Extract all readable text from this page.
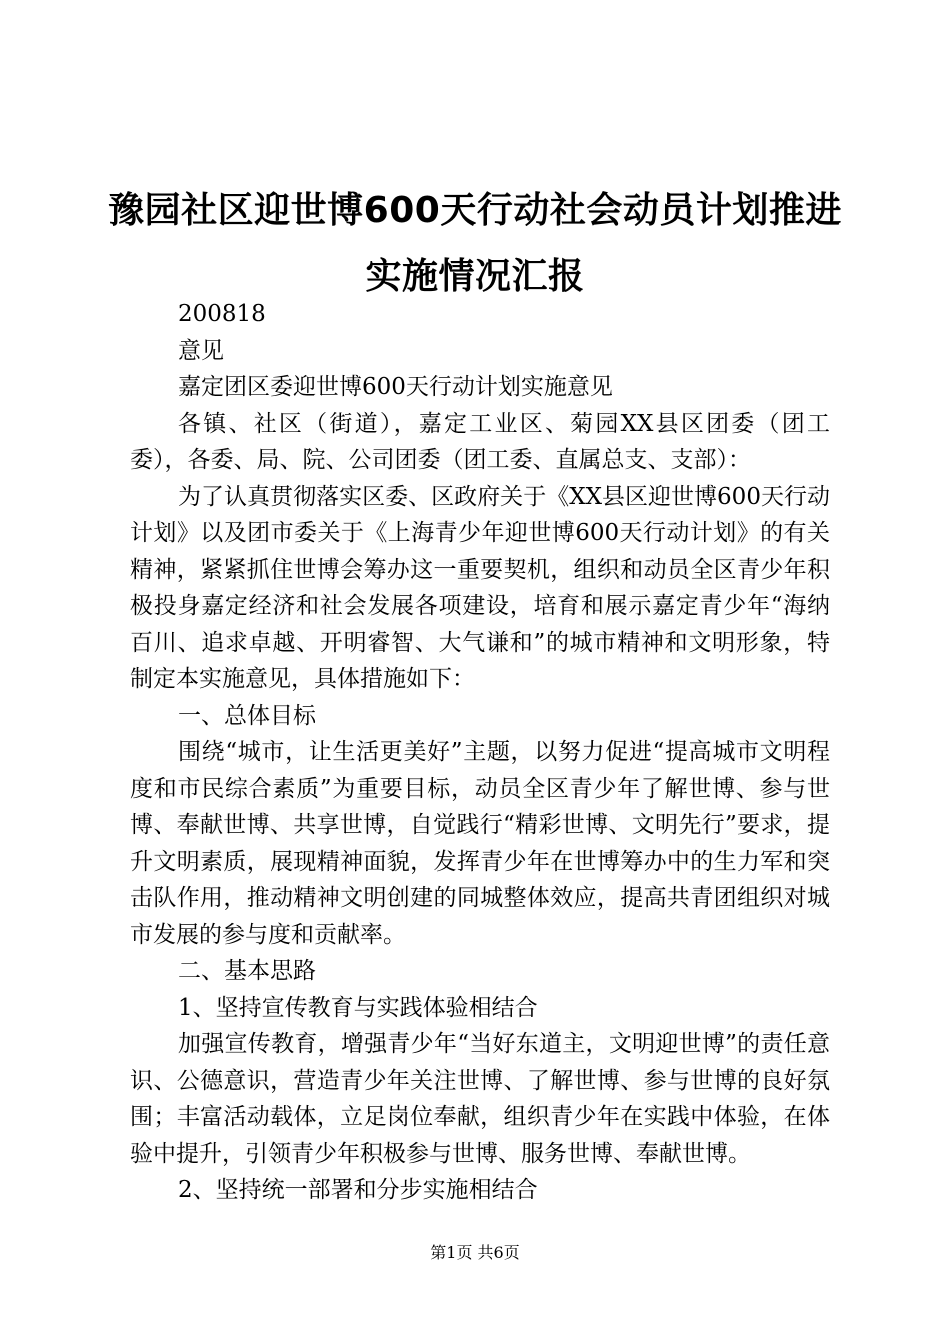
豫园社区迎世博600天行动社会动员计划推进
实施情况汇报

200818

意见

嘉定团区委迎世博600天行动计划实施意见

各镇、社区（街道），嘉定工业区、菊园XX县区团委（团工委），各委、局、院、公司团委（团工委、直属总支、支部）：

为了认真贯彻落实区委、区政府关于《XX县区迎世博600天行动计划》以及团市委关于《上海青少年迎世博600天行动计划》的有关精神，紧紧抓住世博会筹办这一重要契机，组织和动员全区青少年积极投身嘉定经济和社会发展各项建设，培育和展示嘉定青少年“海纳百川、追求卓越、开明睿智、大气谦和”的城市精神和文明形象，特制定本实施意见，具体措施如下：

一、总体目标

围绕“城市，让生活更美好”主题，以努力促进“提高城市文明程度和市民综合素质”为重要目标，动员全区青少年了解世博、参与世博、奉献世博、共享世博，自觉践行“精彩世博、文明先行”要求，提升文明素质，展现精神面貌，发挥青少年在世博筹办中的生力军和突击队作用，推动精神文明创建的同城整体效应，提高共青团组织对城市发展的参与度和贡献率。

二、基本思路

1、坚持宣传教育与实践体验相结合

加强宣传教育，增强青少年“当好东道主，文明迎世博”的责任意识、公德意识，营造青少年关注世博、了解世博、参与世博的良好氛围；丰富活动载体，立足岗位奉献，组织青少年在实践中体验，在体验中提升，引领青少年积极参与世博、服务世博、奉献世博。

2、坚持统一部署和分步实施相结合

第1页 共6页
